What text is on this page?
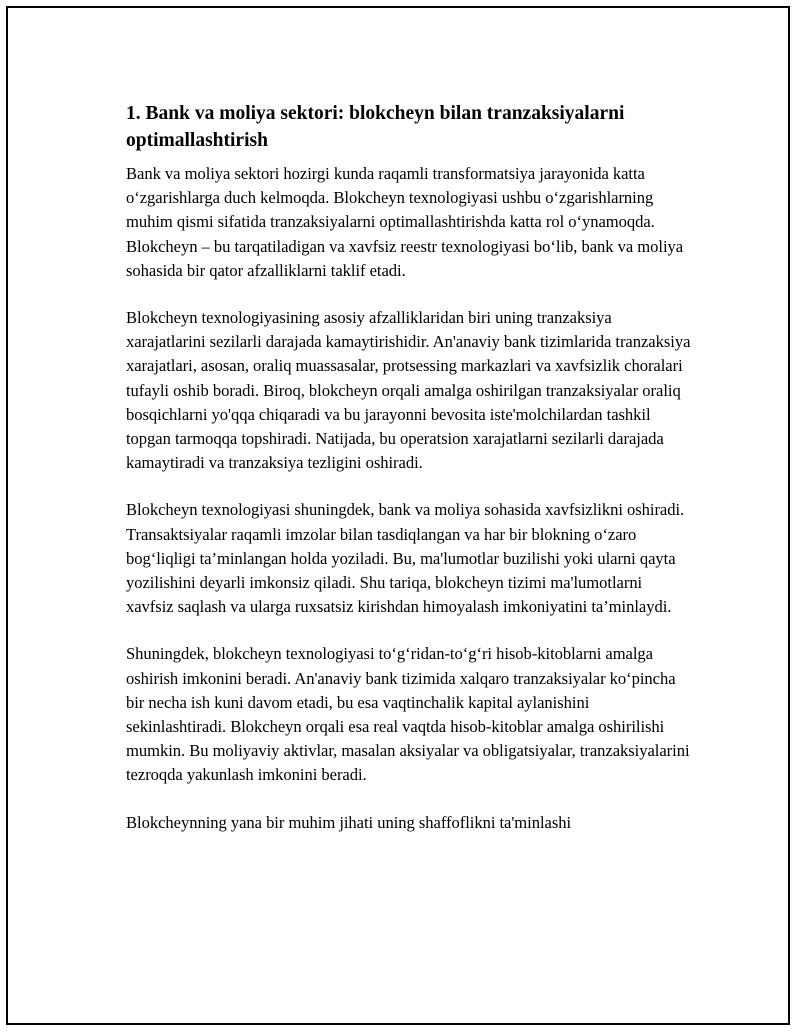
1. Bank va moliya sektori: blokcheyn bilan tranzaksiyalarni optimallashtirish

Bank va moliya sektori hozirgi kunda raqamli transformatsiya jarayonida katta o‘zgarishlarga duch kelmoqda. Blokcheyn texnologiyasi ushbu o‘zgarishlarning muhim qismi sifatida tranzaksiyalarni optimallashtirishda katta rol o‘ynamoqda. Blokcheyn – bu tarqatiladigan va xavfsiz reestr texnologiyasi bo‘lib, bank va moliya sohasida bir qator afzalliklarni taklif etadi.

Blokcheyn texnologiyasining asosiy afzalliklaridan biri uning tranzaksiya xarajatlarini sezilarli darajada kamaytirishidir. An'anaviy bank tizimlarida tranzaksiya xarajatlari, asosan, oraliq muassasalar, protsessing markazlari va xavfsizlik choralari tufayli oshib boradi. Biroq, blokcheyn orqali amalga oshirilgan tranzaksiyalar oraliq bosqichlarni yo'qqa chiqaradi va bu jarayonni bevosita iste'molchilardan tashkil topgan tarmoqqa topshiradi. Natijada, bu operatsion xarajatlarni sezilarli darajada kamaytiradi va tranzaksiya tezligini oshiradi.

Blokcheyn texnologiyasi shuningdek, bank va moliya sohasida xavfsizlikni oshiradi. Transaktsiyalar raqamli imzolar bilan tasdiqlangan va har bir blokning o‘zaro bog‘liqligi ta’minlangan holda yoziladi. Bu, ma'lumotlar buzilishi yoki ularni qayta yozilishini deyarli imkonsiz qiladi. Shu tariqa, blokcheyn tizimi ma'lumotlarni xavfsiz saqlash va ularga ruxsatsiz kirishdan himoyalash imkoniyatini ta’minlaydi.

Shuningdek, blokcheyn texnologiyasi to‘g‘ridan-to‘g‘ri hisob-kitoblarni amalga oshirish imkonini beradi. An'anaviy bank tizimida xalqaro tranzaksiyalar ko‘pincha bir necha ish kuni davom etadi, bu esa vaqtinchalik kapital aylanishini sekinlashtiradi. Blokcheyn orqali esa real vaqtda hisob-kitoblar amalga oshirilishi mumkin. Bu moliyaviy aktivlar, masalan aksiyalar va obligatsiyalar, tranzaksiyalarini tezroqda yakunlash imkonini beradi.

Blokcheynning yana bir muhim jihati uning shaffoflikni ta'minlashi
